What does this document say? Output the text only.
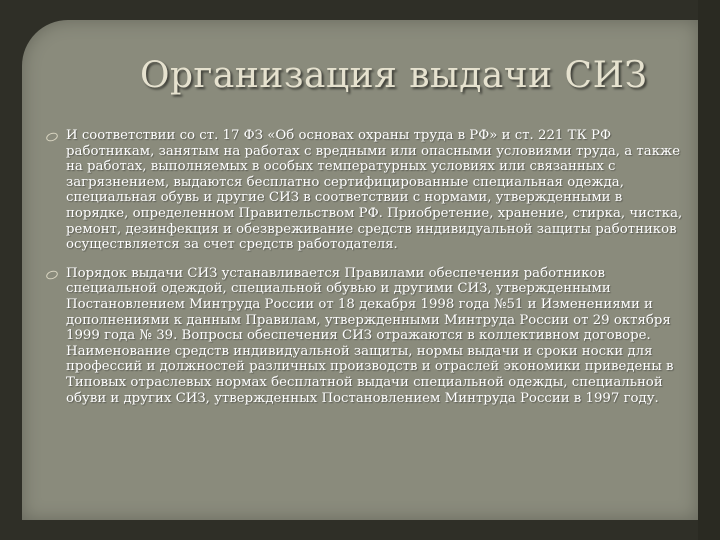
Организация выдачи СИЗ
И соответствии со ст. 17 ФЗ «Об основах охраны труда в РФ» и ст. 221 ТК РФ работникам, занятым на работах с вредными или опасными условиями труда, а также на работах, выполняемых в особых температурных условиях или связанных с загрязнением, выдаются бесплатно сертифицированные специальная одежда, специальная обувь и другие СИЗ в соответствии с нормами, утвержденными в порядке, определенном Правительством РФ. Приобретение, хранение, стирка, чистка, ремонт, дезинфекция и обезвреживание средств индивидуальной защиты работников осуществляется за счет средств работодателя.
Порядок выдачи СИЗ устанавливается Правилами обеспечения работников специальной одеждой, специальной обувью и другими СИЗ, утвержденными Постановлением Минтруда России от 18 декабря 1998 года №51 и Изменениями и дополнениями к данным Правилам, утвержденными Минтруда России от 29 октября 1999 года № 39. Вопросы обеспечения СИЗ отражаются в коллективном договоре. Наименование средств индивидуальной защиты, нормы выдачи и сроки носки для профессий и должностей различных производств и отраслей экономики приведены в Типовых отраслевых нормах бесплатной выдачи специальной одежды, специальной обуви и других СИЗ, утвержденных Постановлением Минтруда России в 1997 году.
